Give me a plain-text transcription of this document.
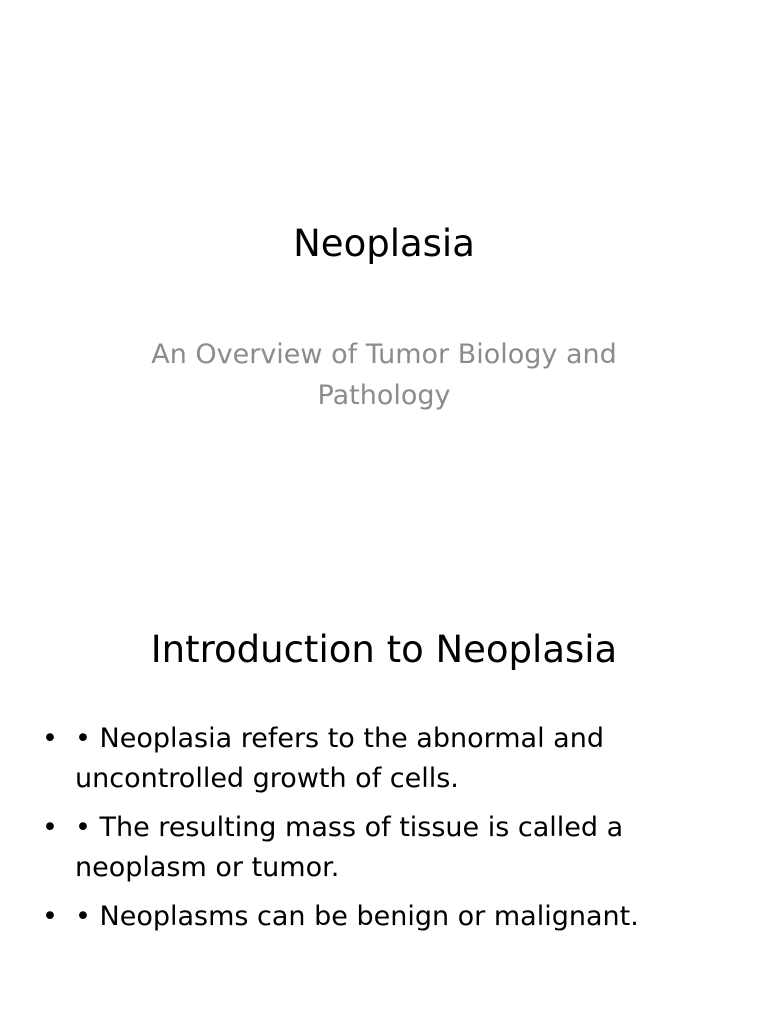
Neoplasia
An Overview of Tumor Biology and Pathology
Introduction to Neoplasia
• • Neoplasia refers to the abnormal and uncontrolled growth of cells.
• • The resulting mass of tissue is called a neoplasm or tumor.
• • Neoplasms can be benign or malignant.
